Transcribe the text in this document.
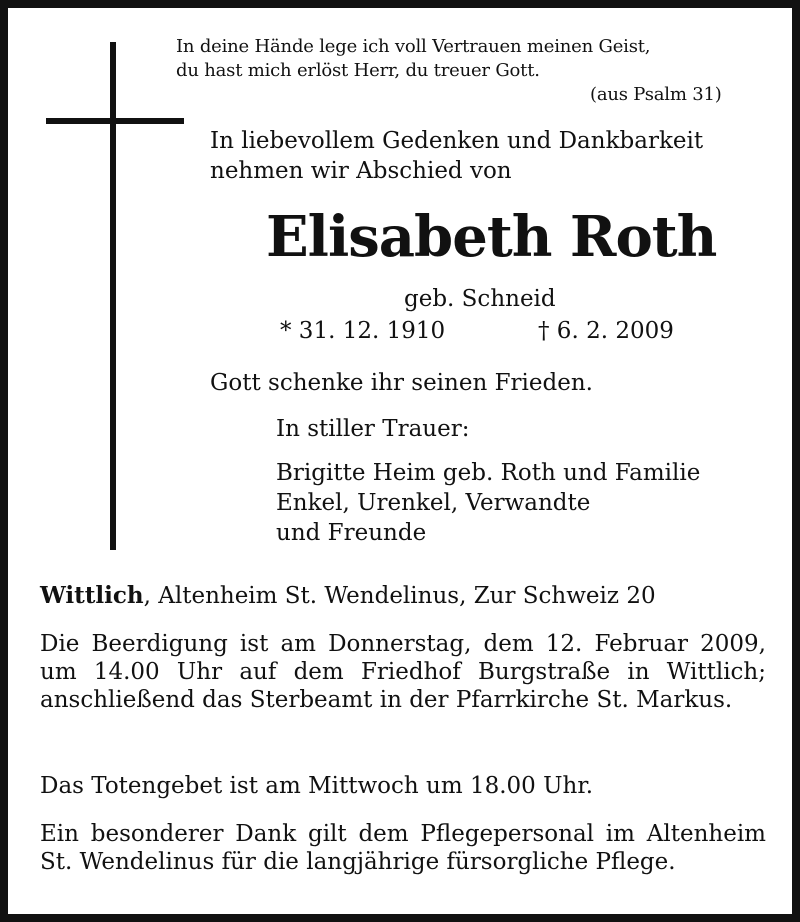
In deine Hände lege ich voll Vertrauen meinen Geist,
du hast mich erlöst Herr, du treuer Gott.
(aus Psalm 31)
In liebevollem Gedenken und Dankbarkeit
nehmen wir Abschied von
Elisabeth Roth
geb. Schneid
* 31. 12. 1910	† 6. 2. 2009
Gott schenke ihr seinen Frieden.
In stiller Trauer:
Brigitte Heim geb. Roth und Familie
Enkel, Urenkel, Verwandte
und Freunde
Wittlich, Altenheim St. Wendelinus, Zur Schweiz 20
Die Beerdigung ist am Donnerstag, dem 12. Februar 2009, um 14.00 Uhr auf dem Friedhof Burgstraße in Wittlich; anschließend das Sterbeamt in der Pfarrkirche St. Markus.
Das Totengebet ist am Mittwoch um 18.00 Uhr.
Ein besonderer Dank gilt dem Pflegepersonal im Altenheim St. Wendelinus für die langjährige fürsorgliche Pflege.
